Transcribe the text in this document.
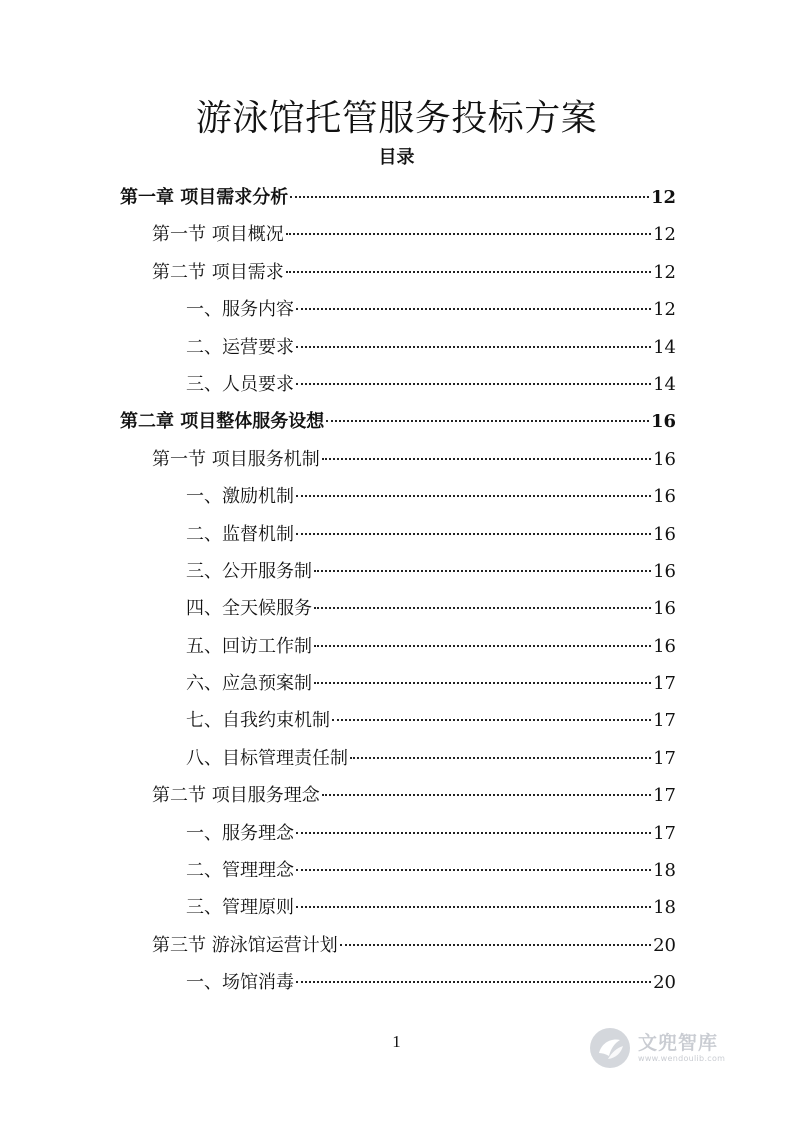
游泳馆托管服务投标方案
目录
第一章 项目需求分析	12
第一节 项目概况	12
第二节 项目需求	12
一、服务内容	12
二、运营要求	14
三、人员要求	14
第二章 项目整体服务设想	16
第一节 项目服务机制	16
一、激励机制	16
二、监督机制	16
三、公开服务制	16
四、全天候服务	16
五、回访工作制	16
六、应急预案制	17
七、自我约束机制	17
八、目标管理责任制	17
第二节 项目服务理念	17
一、服务理念	17
二、管理理念	18
三、管理原则	18
第三节 游泳馆运营计划	20
一、场馆消毒	20
1	文兜智库
www.wendoulib.com
